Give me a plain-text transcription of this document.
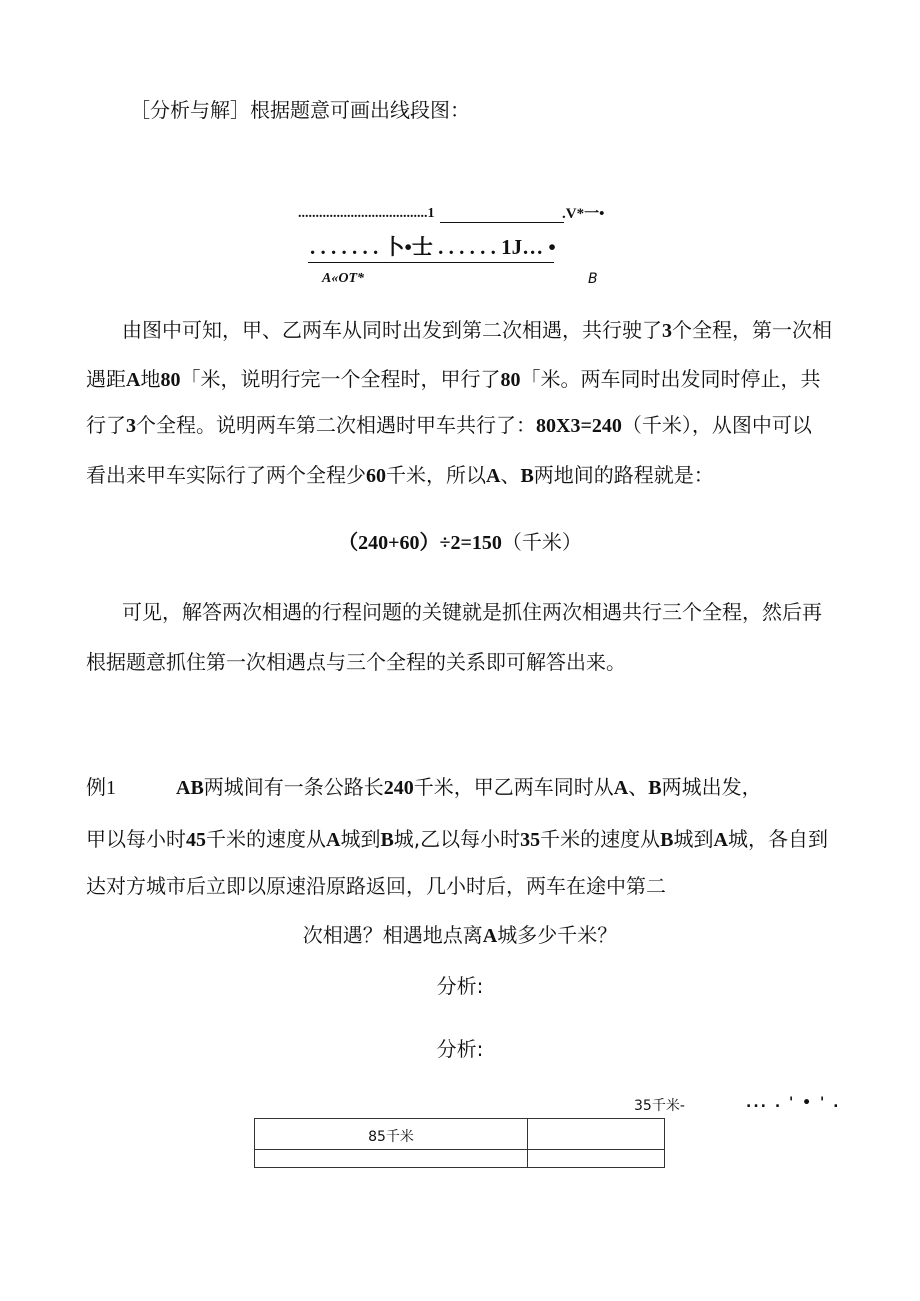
［分析与解］根据题意可画出线段图：
.....................................1	.V*一•
. . . . . . . 卜•士 . . . . . . 1J… •
A«OT*	B
由图中可知，甲、乙两车从同时出发到第二次相遇，共行驶了3个全程，第一次相
遇距A地80「米，说明行完一个全程时，甲行了80「米。两车同时出发同时停止，共
行了3个全程。说明两车第二次相遇时甲车共行了：80X3=240（千米），从图中可以
看出来甲车实际行了两个全程少60千米，所以A、B两地间的路程就是：
（240+60）÷2=150（千米）
可见，解答两次相遇的行程问题的关键就是抓住两次相遇共行三个全程，然后再
根据题意抓住第一次相遇点与三个全程的关系即可解答出来。
例1	AB两城间有一条公路长240千米，甲乙两车同时从A、B两城出发，
甲以每小时45千米的速度从A城到B城,乙以每小时35千米的速度从B城到A城，各自到
达对方城市后立即以原速沿原路返回，几小时后，两车在途中第二
次相遇？相遇地点离A城多少千米？
分析:
分析:
35千米-	... . ' • ' .
85千米
